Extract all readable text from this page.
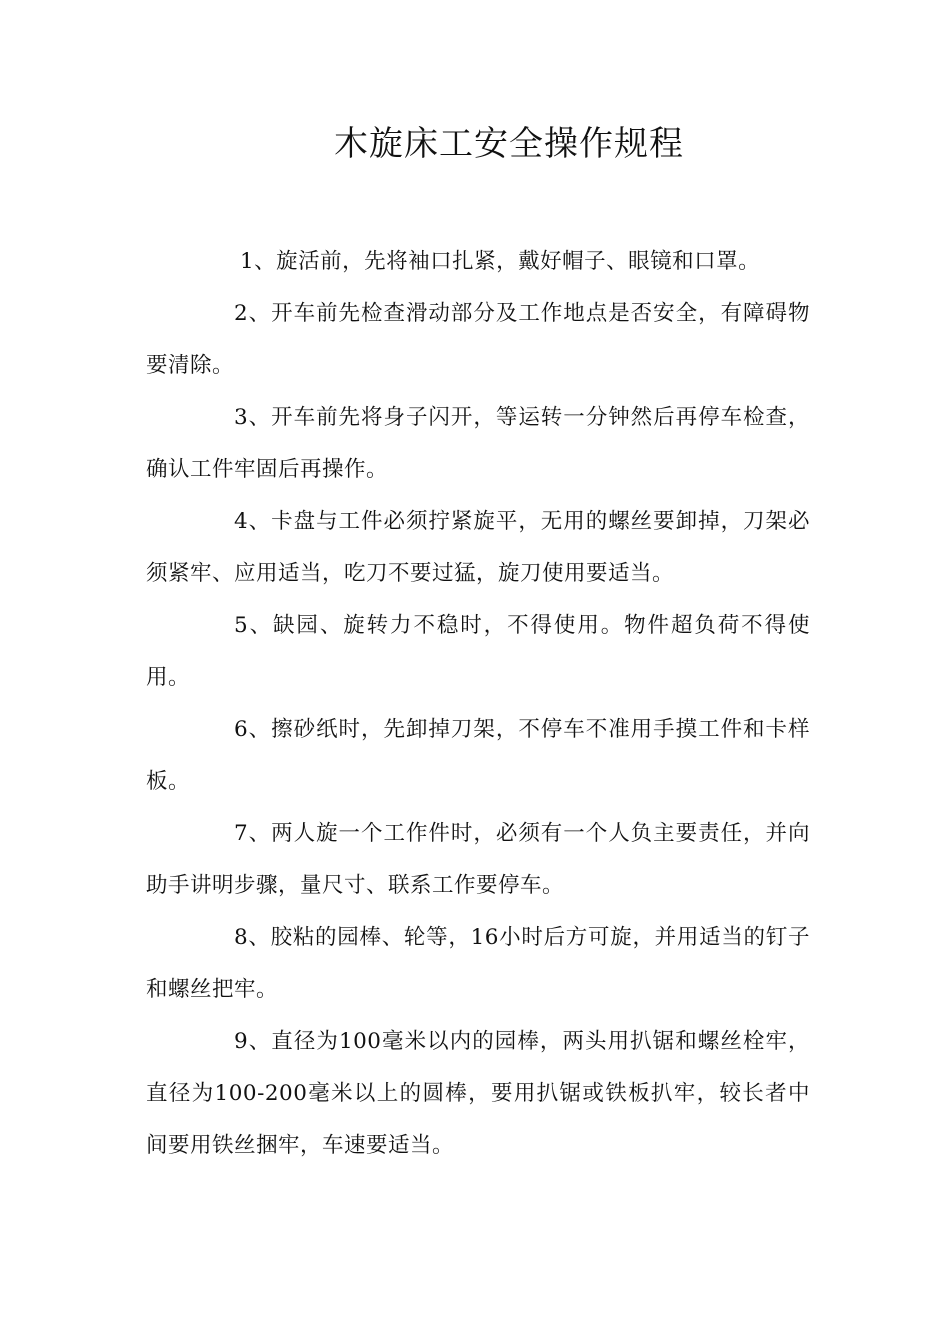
木旋床工安全操作规程

1、旋活前，先将袖口扎紧，戴好帽子、眼镜和口罩。

2、开车前先检查滑动部分及工作地点是否安全，有障碍物要清除。

3、开车前先将身子闪开，等运转一分钟然后再停车检查，确认工件牢固后再操作。

4、卡盘与工件必须拧紧旋平，无用的螺丝要卸掉，刀架必须紧牢、应用适当，吃刀不要过猛，旋刀使用要适当。

5、缺园、旋转力不稳时，不得使用。物件超负荷不得使用。

6、擦砂纸时，先卸掉刀架，不停车不准用手摸工件和卡样板。

7、两人旋一个工作件时，必须有一个人负主要责任，并向助手讲明步骤，量尺寸、联系工作要停车。

8、胶粘的园棒、轮等，16小时后方可旋，并用适当的钉子和螺丝把牢。

9、直径为100毫米以内的园棒，两头用扒锯和螺丝栓牢，直径为100-200毫米以上的圆棒，要用扒锯或铁板扒牢，较长者中间要用铁丝捆牢，车速要适当。
